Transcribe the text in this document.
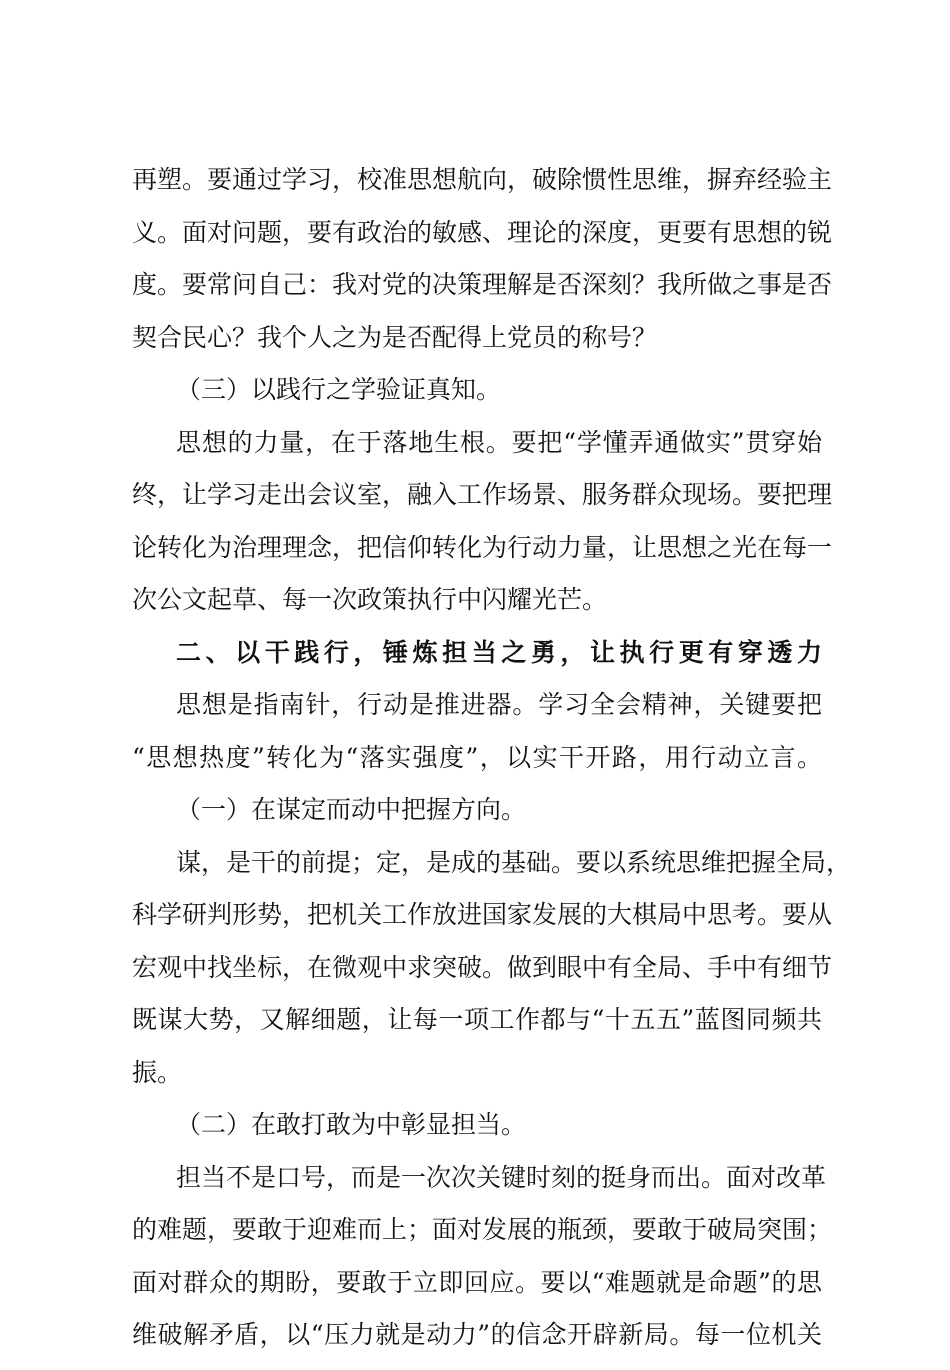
再塑。要通过学习，校准思想航向，破除惯性思维，摒弃经验主
义。面对问题，要有政治的敏感、理论的深度，更要有思想的锐
度。要常问自己：我对党的决策理解是否深刻？我所做之事是否
契合民心？我个人之为是否配得上党员的称号？
（三）以践行之学验证真知。
思想的力量，在于落地生根。要把“学懂弄通做实”贯穿始
终，让学习走出会议室，融入工作场景、服务群众现场。要把理
论转化为治理理念，把信仰转化为行动力量，让思想之光在每一
次公文起草、每一次政策执行中闪耀光芒。
二、以干践行，锤炼担当之勇，让执行更有穿透力
思想是指南针，行动是推进器。学习全会精神，关键要把
“思想热度”转化为“落实强度”，以实干开路，用行动立言。
（一）在谋定而动中把握方向。
谋，是干的前提；定，是成的基础。要以系统思维把握全局，
科学研判形势，把机关工作放进国家发展的大棋局中思考。要从
宏观中找坐标，在微观中求突破。做到眼中有全局、手中有细节
既谋大势，又解细题，让每一项工作都与“十五五”蓝图同频共
振。
（二）在敢打敢为中彰显担当。
担当不是口号，而是一次次关键时刻的挺身而出。面对改革
的难题，要敢于迎难而上；面对发展的瓶颈，要敢于破局突围；
面对群众的期盼，要敢于立即回应。要以“难题就是命题”的思
维破解矛盾，以“压力就是动力”的信念开辟新局。每一位机关
